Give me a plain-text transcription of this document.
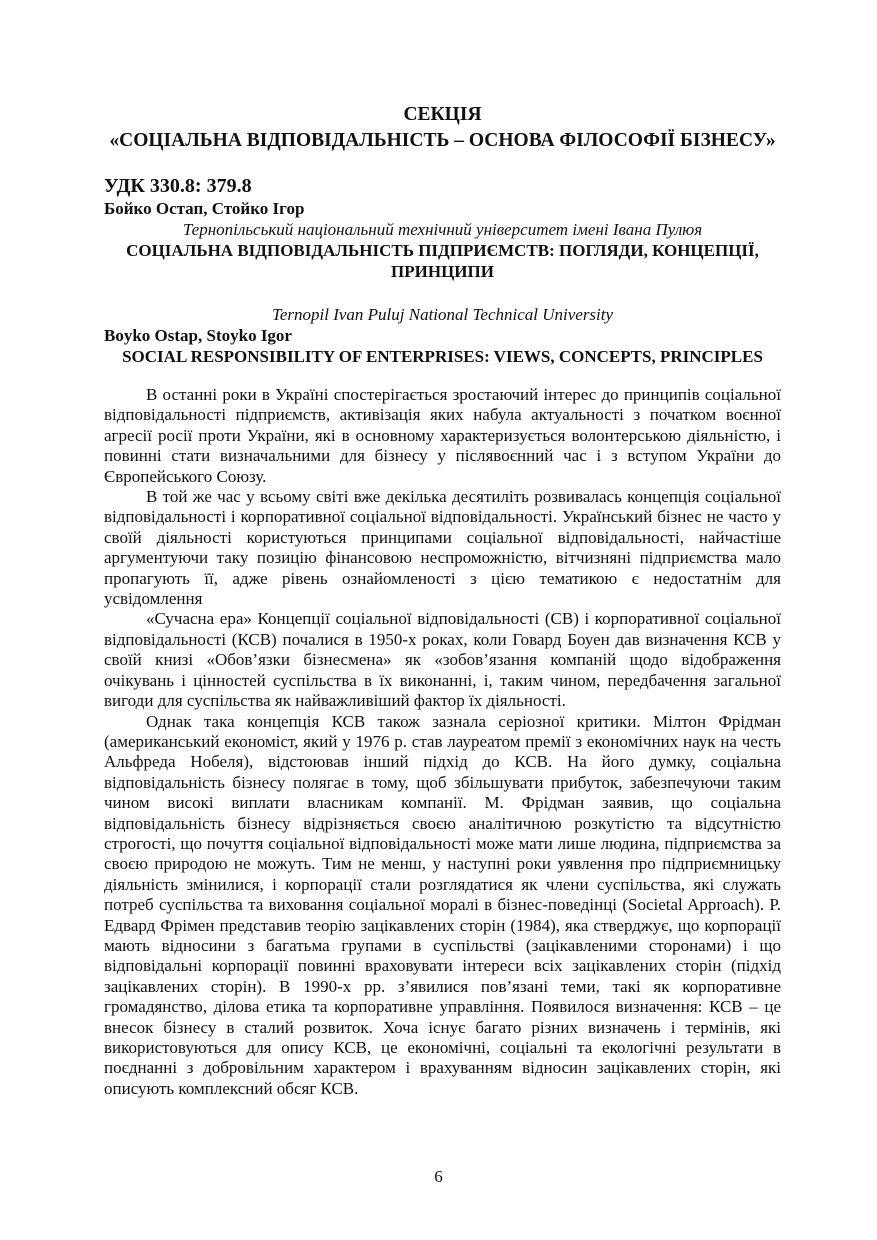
СЕКЦІЯ
«СОЦІАЛЬНА ВІДПОВІДАЛЬНІСТЬ – ОСНОВА ФІЛОСОФІЇ БІЗНЕСУ»
УДК 330.8: 379.8
Бойко Остап, Стойко Ігор
Тернопільський національний технічний університет імені Івана Пулюя
СОЦІАЛЬНА ВІДПОВІДАЛЬНІСТЬ ПІДПРИЄМСТВ: ПОГЛЯДИ, КОНЦЕПЦІЇ, ПРИНЦИПИ
Ternopil Ivan Puluj National Technical University
Boyko Ostap, Stoyko Igor
SOCIAL RESPONSIBILITY OF ENTERPRISES: VIEWS, CONCEPTS, PRINCIPLES

В останні роки в Україні спостерігається зростаючий інтерес до принципів соціальної відповідальності підприємств, активізація яких набула актуальності з початком воєнної агресії росії проти України, які в основному характеризується волонтерською діяльністю, і повинні стати визначальними для бізнесу у післявоєнний час і з вступом України до Європейського Союзу.

В той же час у всьому світі вже декілька десятиліть розвивалась концепція соціальної відповідальності і корпоративної соціальної відповідальності. Український бізнес не часто у своїй діяльності користуються принципами соціальної відповідальності, найчастіше аргументуючи таку позицію фінансовою неспроможністю, вітчизняні підприємства мало пропагують її, адже рівень ознайомленості з цією тематикою є недостатнім для усвідомлення

«Сучасна ера» Концепції соціальної відповідальності (СВ) і корпоративної соціальної відповідальності (КСВ) почалися в 1950-х роках, коли Говард Боуен дав визначення КСВ у своїй книзі «Обов’язки бізнесмена» як «зобов’язання компаній щодо відображення очікувань і цінностей суспільства в їх виконанні, і, таким чином, передбачення загальної вигоди для суспільства як найважливіший фактор їх діяльності.

Однак така концепція КСВ також зазнала серіозної критики. Мілтон Фрідман (американський економіст, який у 1976 р. став лауреатом премії з економічних наук на честь Альфреда Нобеля), відстоював інший підхід до КСВ. На його думку, соціальна відповідальність бізнесу полягає в тому, щоб збільшувати прибуток, забезпечуючи таким чином високі виплати власникам компанії. М. Фрідман заявив, що соціальна відповідальність бізнесу відрізняється своєю аналітичною розкутістю та відсутністю строгості, що почуття соціальної відповідальності може мати лише людина, підприємства за своєю природою не можуть. Тим не менш, у наступні роки уявлення про підприємницьку діяльність змінилися, і корпорації стали розглядатися як члени суспільства, які служать потреб суспільства та виховання соціальної моралі в бізнес-поведінці (Societal Approach). Р. Едвард Фрімен представив теорію зацікавлених сторін (1984), яка стверджує, що корпорації мають відносини з багатьма групами в суспільстві (зацікавленими сторонами) і що відповідальні корпорації повинні враховувати інтереси всіх зацікавлених сторін (підхід зацікавлених сторін). В 1990-х рр. з’явилися пов’язані теми, такі як корпоративне громадянство, ділова етика та корпоративне управління. Появилося визначення: КСВ – це внесок бізнесу в сталий розвиток. Хоча існує багато різних визначень і термінів, які використовуються для опису КСВ, це економічні, соціальні та екологічні результати в поєднанні з добровільним характером і врахуванням відносин зацікавлених сторін, які описують комплексний обсяг КСВ.

6
